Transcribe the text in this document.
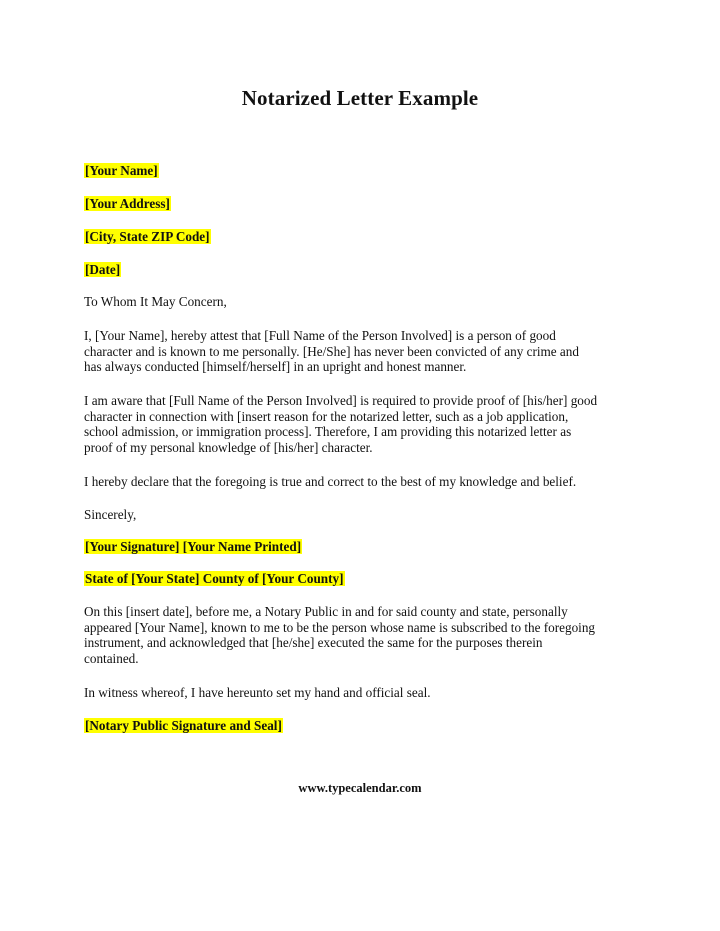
Notarized Letter Example
[Your Name]
[Your Address]
[City, State ZIP Code]
[Date]
To Whom It May Concern,
I, [Your Name], hereby attest that [Full Name of the Person Involved] is a person of good
character and is known to me personally. [He/She] has never been convicted of any crime and
has always conducted [himself/herself] in an upright and honest manner.
I am aware that [Full Name of the Person Involved] is required to provide proof of [his/her] good
character in connection with [insert reason for the notarized letter, such as a job application,
school admission, or immigration process]. Therefore, I am providing this notarized letter as
proof of my personal knowledge of [his/her] character.
I hereby declare that the foregoing is true and correct to the best of my knowledge and belief.
Sincerely,
[Your Signature] [Your Name Printed]
State of [Your State] County of [Your County]
On this [insert date], before me, a Notary Public in and for said county and state, personally
appeared [Your Name], known to me to be the person whose name is subscribed to the foregoing
instrument, and acknowledged that [he/she] executed the same for the purposes therein
contained.
In witness whereof, I have hereunto set my hand and official seal.
[Notary Public Signature and Seal]
www.typecalendar.com
